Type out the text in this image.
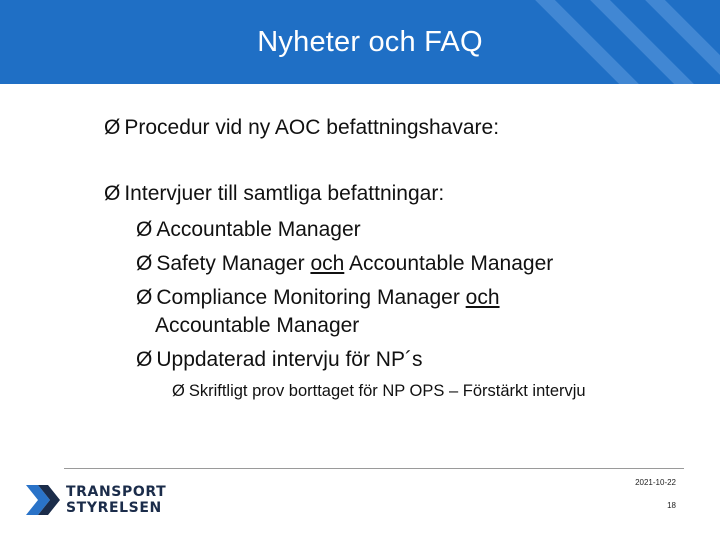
Nyheter och FAQ
Ø Procedur vid ny AOC befattningshavare:
Ø Intervjuer till samtliga befattningar:
Ø Accountable Manager
Ø Safety Manager och Accountable Manager
Ø Compliance Monitoring Manager och
Accountable Manager
Ø Uppdaterad intervju för NP´s
Ø Skriftligt prov borttaget för NP OPS – Förstärkt intervju
TRANSPORT
STYRELSEN
2021-10-22
18
